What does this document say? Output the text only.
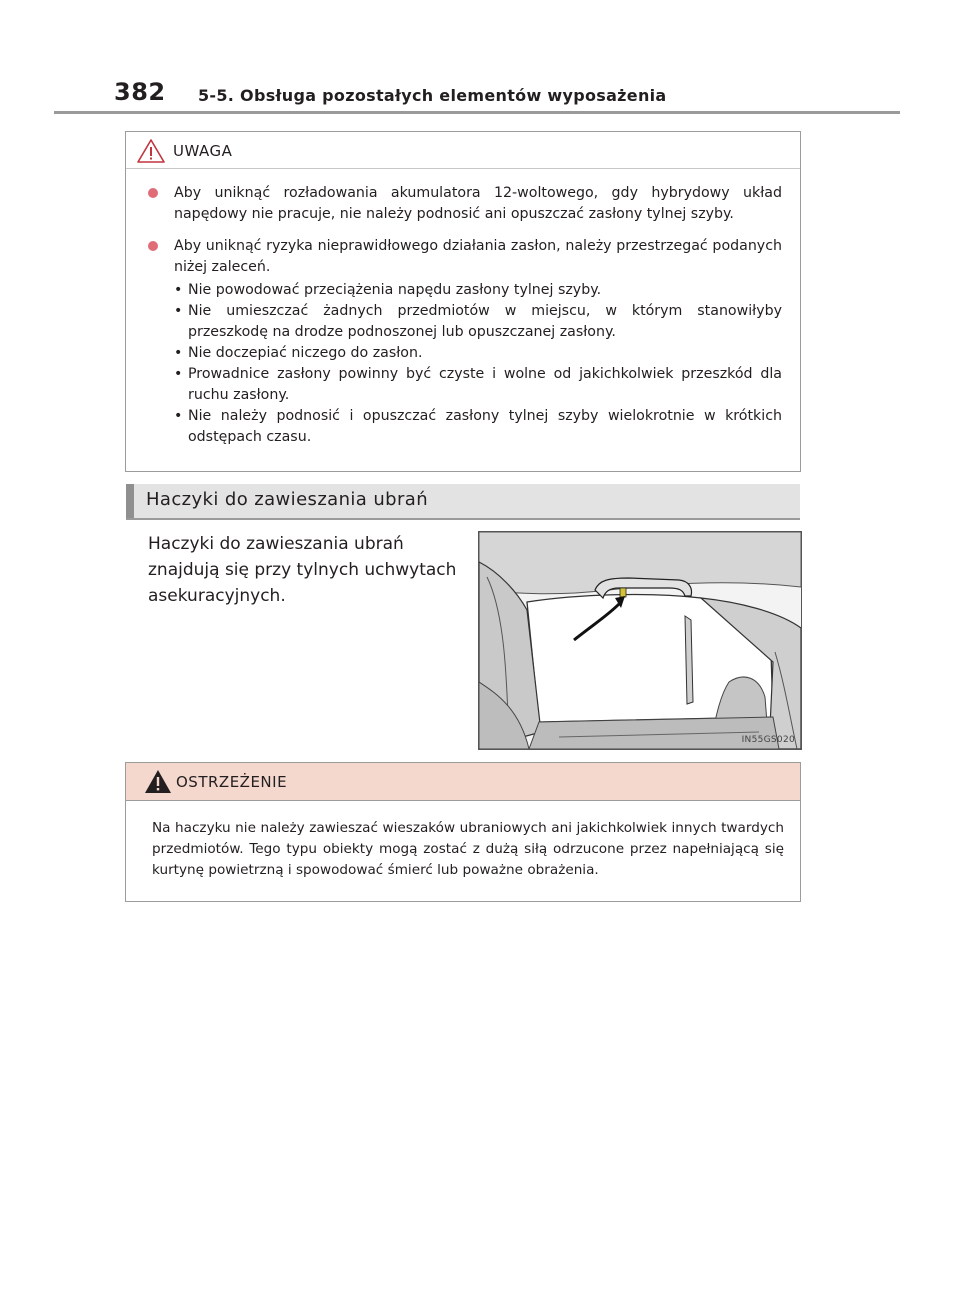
382 5-5. Obsługa pozostałych elementów wyposażenia
UWAGA
Aby uniknąć rozładowania akumulatora 12-woltowego, gdy hybrydowy układ napędowy nie pracuje, nie należy podnosić ani opuszczać zasłony tylnej szyby.
Aby uniknąć ryzyka nieprawidłowego działania zasłon, należy przestrzegać podanych niżej zaleceń.
• Nie powodować przeciążenia napędu zasłony tylnej szyby.
• Nie umieszczać żadnych przedmiotów w miejscu, w którym stanowiłyby przeszkodę na drodze podnoszonej lub opuszczanej zasłony.
• Nie doczepiać niczego do zasłon.
• Prowadnice zasłony powinny być czyste i wolne od jakichkolwiek przeszkód dla ruchu zasłony.
• Nie należy podnosić i opuszczać zasłony tylnej szyby wielokrotnie w krótkich odstępach czasu.
Haczyki do zawieszania ubrań
Haczyki do zawieszania ubrań znajdują się przy tylnych uchwytach asekuracyjnych.
IN55GS020
OSTRZEŻENIE
Na haczyku nie należy zawieszać wieszaków ubraniowych ani jakichkolwiek innych twardych przedmiotów. Tego typu obiekty mogą zostać z dużą siłą odrzucone przez napełniającą się kurtynę powietrzną i spowodować śmierć lub poważne obrażenia.
